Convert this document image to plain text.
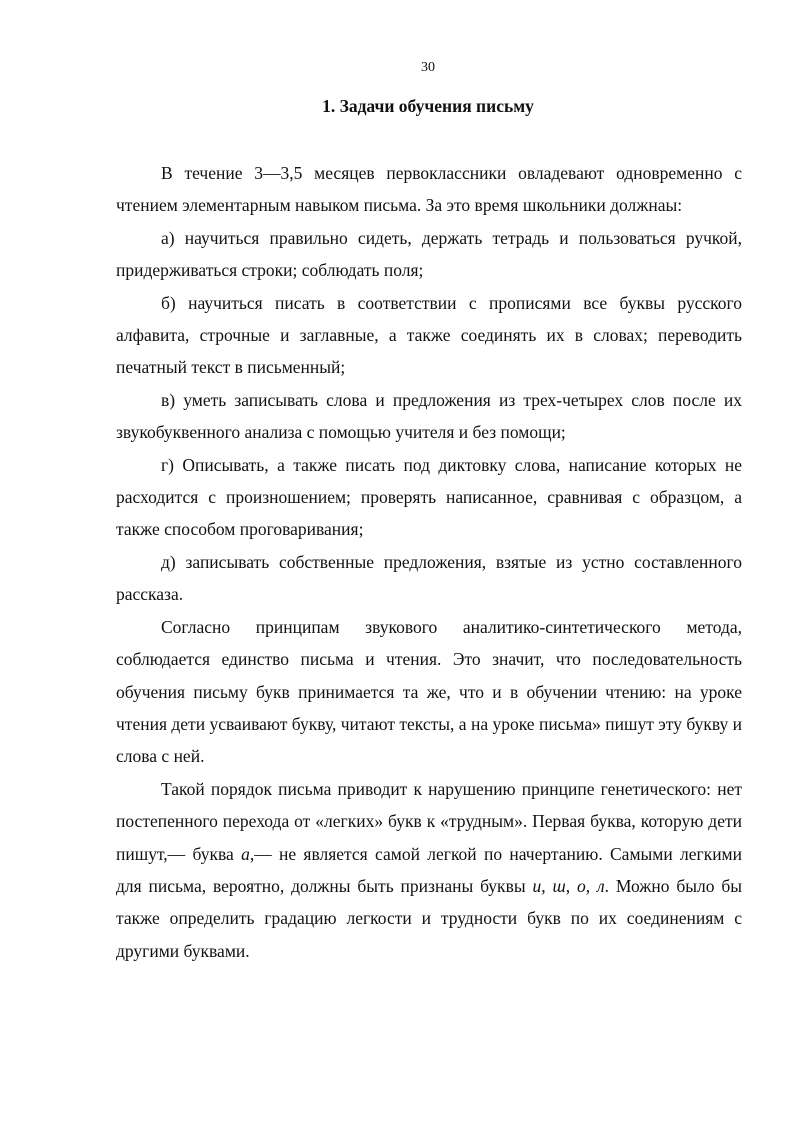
30
1. Задачи обучения письму

В течение 3—3,5 месяцев первоклассники овладевают одновременно с чтением элементарным навыком письма. За это время школьники должнаы:

а) научиться правильно сидеть, держать тетрадь и пользоваться ручкой, придерживаться строки; соблюдать поля;

б) научиться писать в соответствии с прописями все буквы русского алфавита, строчные и заглавные, а также соединять их в словах; переводить печатный текст в письменный;

в) уметь записывать слова и предложения из трех-четырех слов после их звукобуквенного анализа с помощью учителя и без помощи;

г) Описывать, а также писать под диктовку слова, написание которых не расходится с произношением; проверять написанное, сравнивая с образцом, а также способом проговаривания;

д) записывать собственные предложения, взятые из устно составленного рассказа.

Согласно принципам звукового аналитико-синтетического метода, соблюдается единство письма и чтения. Это значит, что последовательность обучения письму букв принимается та же, что и в обучении чтению: на уроке чтения дети усваивают букву, читают тексты, а на уроке письма» пишут эту букву и слова с ней.

Такой порядок письма приводит к нарушению принципе генетического: нет постепенного перехода от «легких» букв к «трудным». Первая буква, которую дети пишут,— буква а,— не является самой легкой по начертанию. Самыми легкими для письма, вероятно, должны быть признаны буквы и, ш, о, л. Можно было бы также определить градацию легкости и трудности букв по их соединениям с другими буквами.
